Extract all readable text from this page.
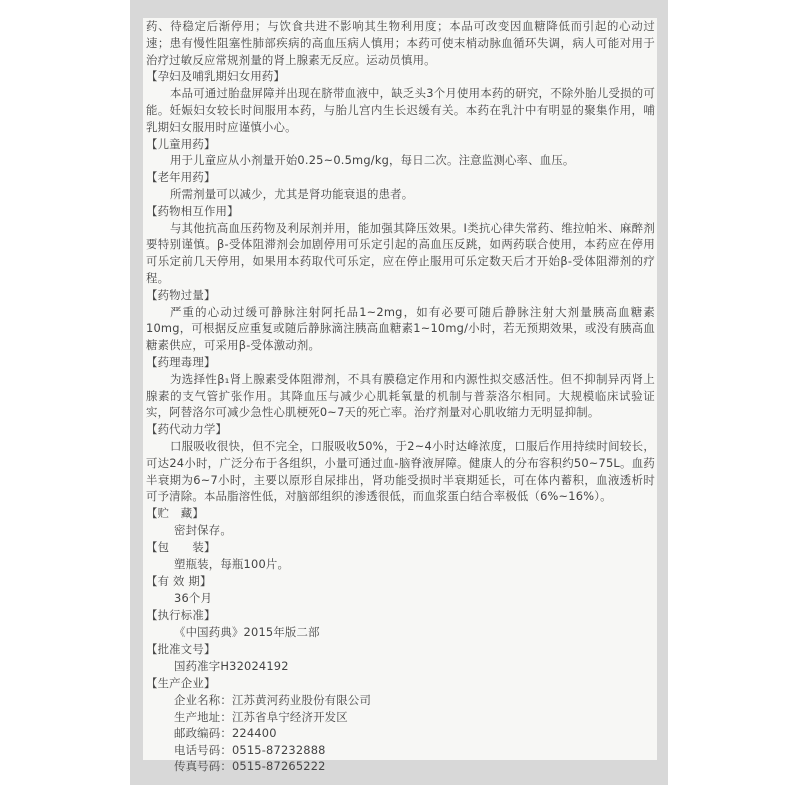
药、待稳定后渐停用；与饮食共进不影响其生物利用度；本品可改变因血糖降低而引起的心动过速；患有慢性阻塞性肺部疾病的高血压病人慎用；本药可使末梢动脉血循环失调，病人可能对用于治疗过敏反应常规剂量的肾上腺素无反应。运动员慎用。

【孕妇及哺乳期妇女用药】

本品可通过胎盘屏障并出现在脐带血液中，缺乏头3个月使用本药的研究，不除外胎儿受损的可能。妊娠妇女较长时间服用本药，与胎儿宫内生长迟缓有关。本药在乳汁中有明显的聚集作用，哺乳期妇女服用时应谨慎小心。

【儿童用药】

用于儿童应从小剂量开始0.25~0.5mg/kg，每日二次。注意监测心率、血压。

【老年用药】

所需剂量可以减少，尤其是肾功能衰退的患者。

【药物相互作用】

与其他抗高血压药物及利尿剂并用，能加强其降压效果。Ⅰ类抗心律失常药、维拉帕米、麻醉剂要特别谨慎。β-受体阻滞剂会加剧停用可乐定引起的高血压反跳，如两药联合使用，本药应在停用可乐定前几天停用，如果用本药取代可乐定，应在停止服用可乐定数天后才开始β-受体阻滞剂的疗程。

【药物过量】

严重的心动过缓可静脉注射阿托品1~2mg，如有必要可随后静脉注射大剂量胰高血糖素10mg，可根据反应重复或随后静脉滴注胰高血糖素1~10mg/小时，若无预期效果，或没有胰高血糖素供应，可采用β-受体激动剂。

【药理毒理】

为选择性β₁肾上腺素受体阻滞剂，不具有膜稳定作用和内源性拟交感活性。但不抑制异丙肾上腺素的支气管扩张作用。其降血压与减少心肌耗氧量的机制与普萘洛尔相同。大规模临床试验证实，阿替洛尔可减少急性心肌梗死0~7天的死亡率。治疗剂量对心肌收缩力无明显抑制。

【药代动力学】

口服吸收很快，但不完全，口服吸收50%，于2~4小时达峰浓度，口服后作用持续时间较长，可达24小时，广泛分布于各组织，小量可通过血-脑脊液屏障。健康人的分布容积约50~75L。血药半衰期为6~7小时，主要以原形自尿排出，肾功能受损时半衰期延长，可在体内蓄积，血液透析时可予清除。本品脂溶性低，对脑部组织的渗透很低，而血浆蛋白结合率极低（6%~16%）。

【贮　藏】

密封保存。

【包　　装】

塑瓶装，每瓶100片。

【有 效 期】

36个月

【执行标准】

《中国药典》2015年版二部

【批准文号】

国药准字H32024192

【生产企业】

企业名称：江苏黄河药业股份有限公司
生产地址：江苏省阜宁经济开发区
邮政编码：224400
电话号码：0515-87232888
传真号码：0515-87265222
